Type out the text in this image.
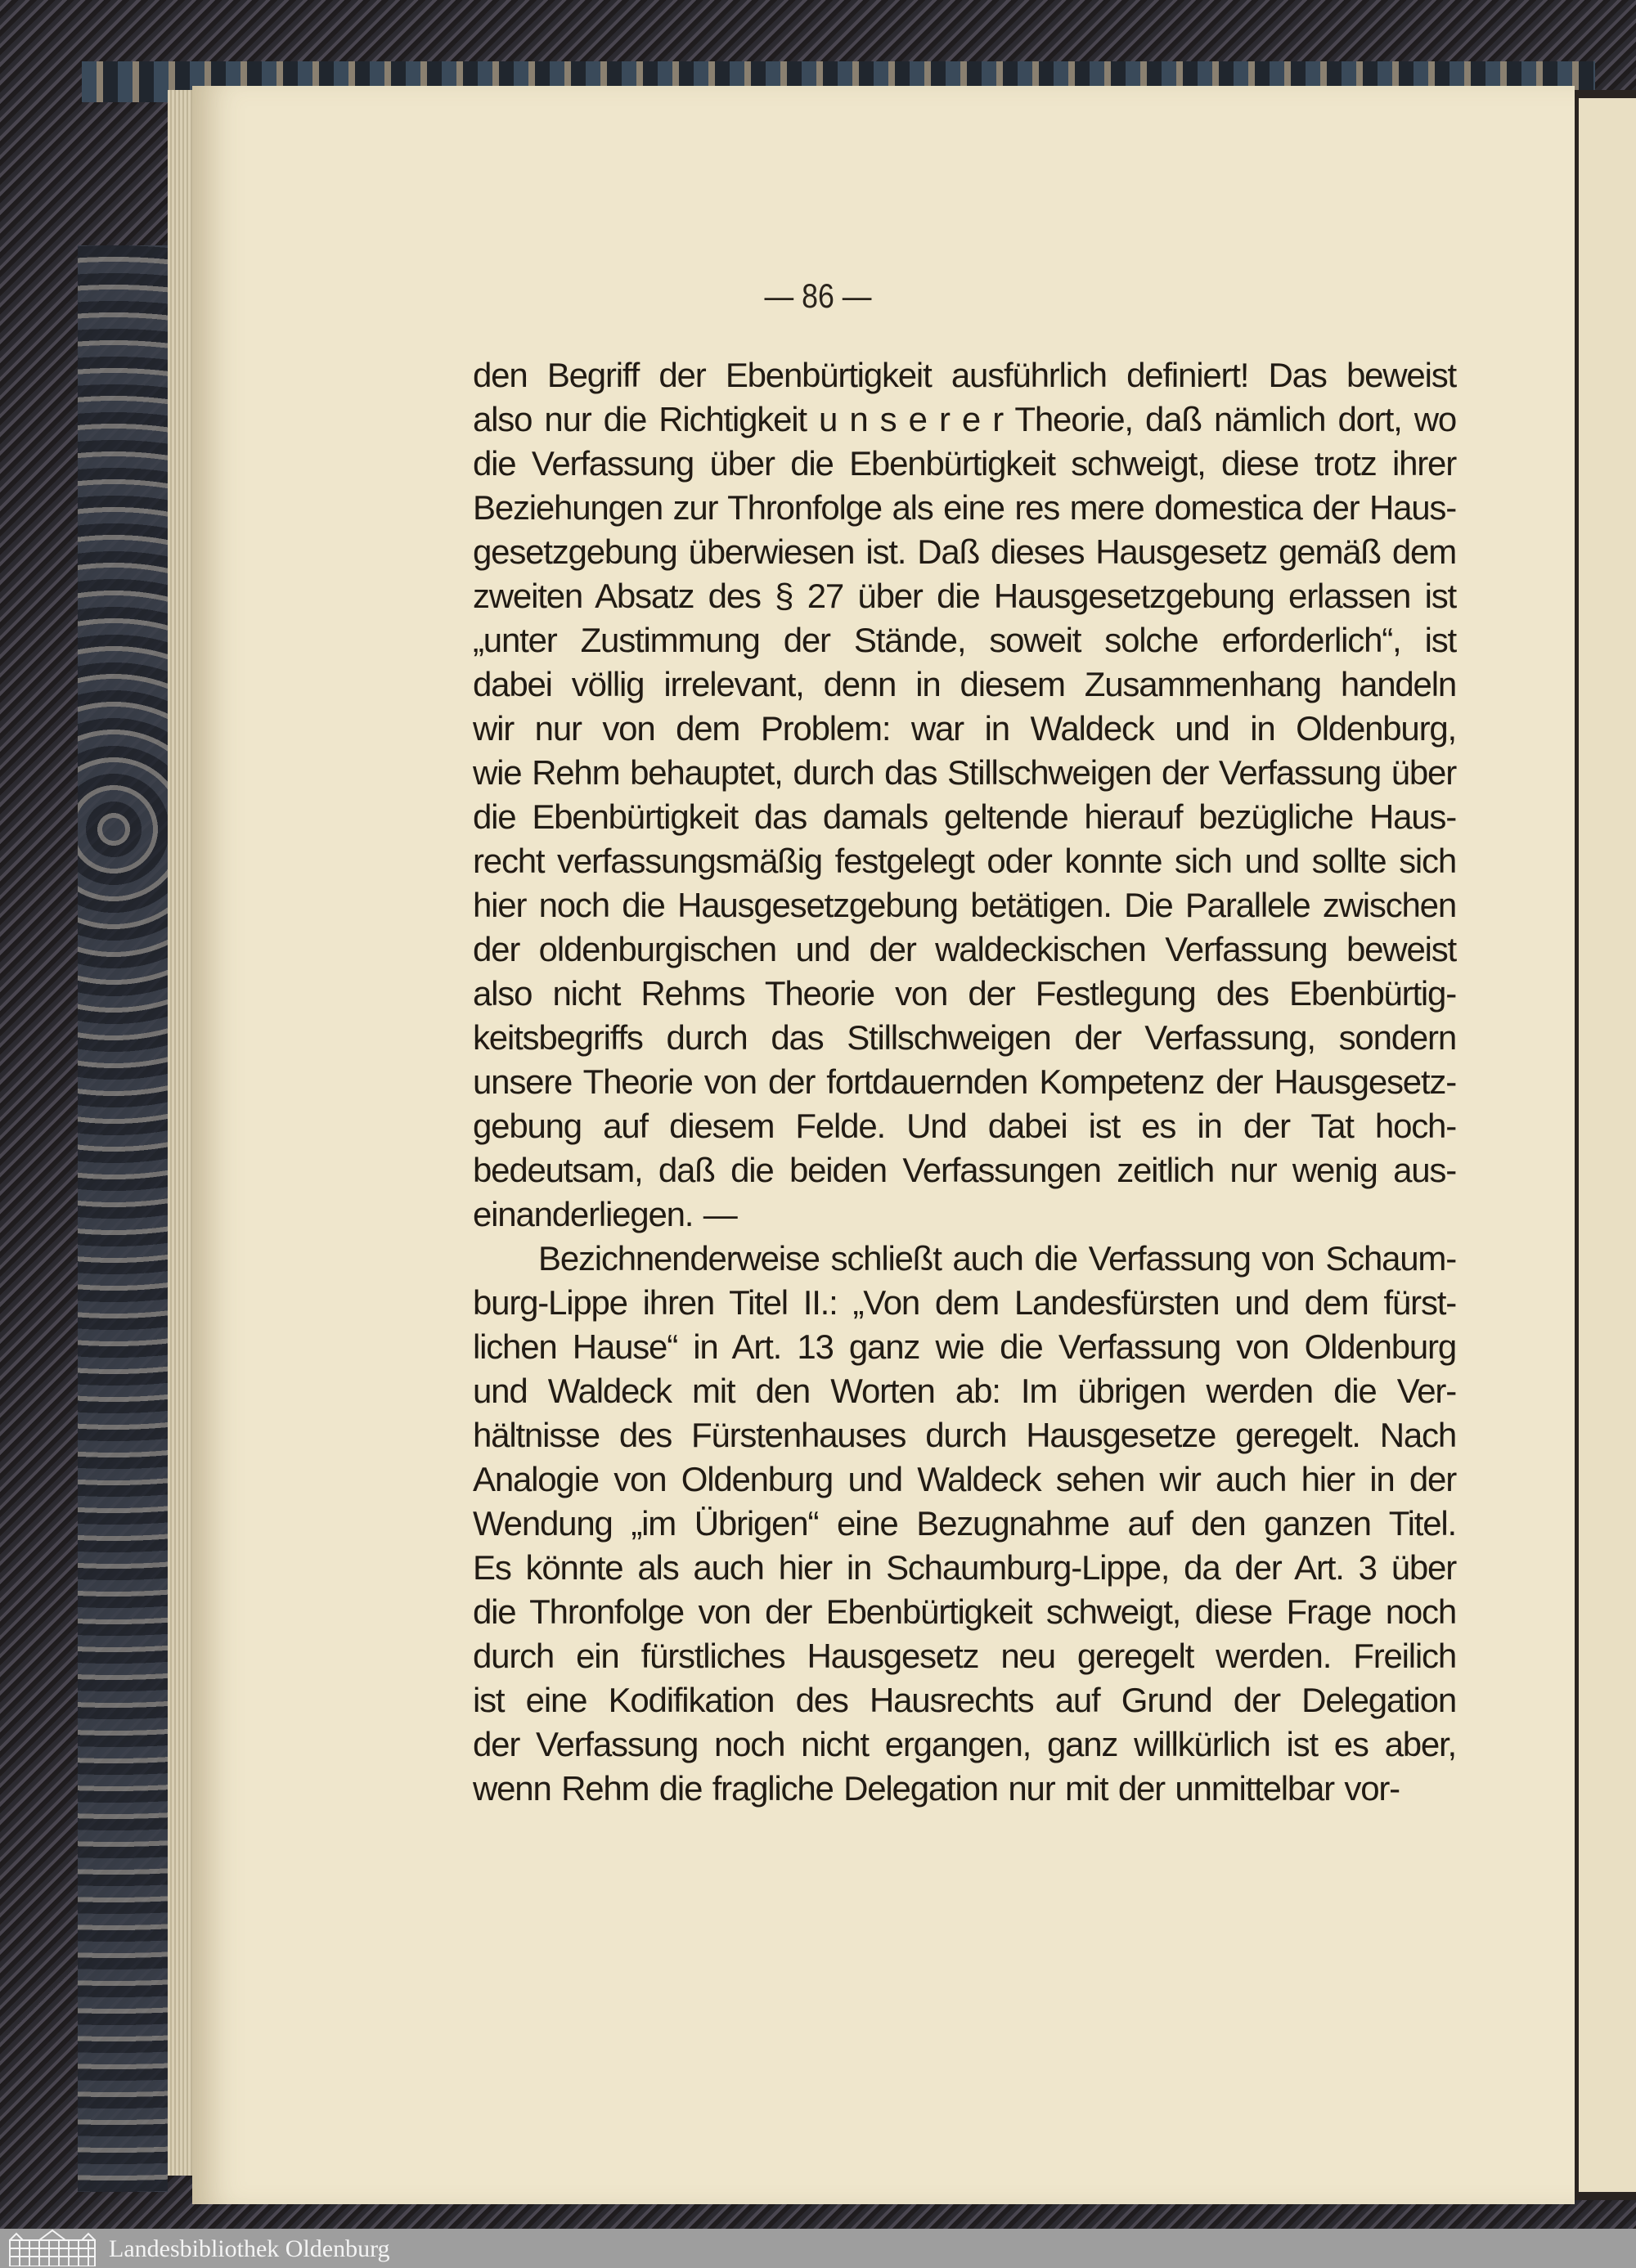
— 86 —
den Begriff der Ebenbürtigkeit ausführlich definiert! Das beweist
also nur die Richtigkeit u n s e r e r Theorie, daß nämlich dort, wo
die Verfassung über die Ebenbürtigkeit schweigt, diese trotz ihrer
Beziehungen zur Thronfolge als eine res mere domestica der Haus-
gesetzgebung überwiesen ist. Daß dieses Hausgesetz gemäß dem
zweiten Absatz des § 27 über die Hausgesetzgebung erlassen ist
„unter Zustimmung der Stände, soweit solche erforderlich“, ist
dabei völlig irrelevant, denn in diesem Zusammenhang handeln
wir nur von dem Problem: war in Waldeck und in Oldenburg,
wie Rehm behauptet, durch das Stillschweigen der Verfassung über
die Ebenbürtigkeit das damals geltende hierauf bezügliche Haus-
recht verfassungsmäßig festgelegt oder konnte sich und sollte sich
hier noch die Hausgesetzgebung betätigen. Die Parallele zwischen
der oldenburgischen und der waldeckischen Verfassung beweist
also nicht Rehms Theorie von der Festlegung des Ebenbürtig-
keitsbegriffs durch das Stillschweigen der Verfassung, sondern
unsere Theorie von der fortdauernden Kompetenz der Hausgesetz-
gebung auf diesem Felde. Und dabei ist es in der Tat hoch-
bedeutsam, daß die beiden Verfassungen zeitlich nur wenig aus-
einanderliegen. —
Bezichnenderweise schließt auch die Verfassung von Schaum-
burg-Lippe ihren Titel II.: „Von dem Landesfürsten und dem fürst-
lichen Hause“ in Art. 13 ganz wie die Verfassung von Oldenburg
und Waldeck mit den Worten ab: Im übrigen werden die Ver-
hältnisse des Fürstenhauses durch Hausgesetze geregelt. Nach
Analogie von Oldenburg und Waldeck sehen wir auch hier in der
Wendung „im Übrigen“ eine Bezugnahme auf den ganzen Titel.
Es könnte als auch hier in Schaumburg-Lippe, da der Art. 3 über
die Thronfolge von der Ebenbürtigkeit schweigt, diese Frage noch
durch ein fürstliches Hausgesetz neu geregelt werden. Freilich
ist eine Kodifikation des Hausrechts auf Grund der Delegation
der Verfassung noch nicht ergangen, ganz willkürlich ist es aber,
wenn Rehm die fragliche Delegation nur mit der unmittelbar vor-
Landesbibliothek Oldenburg
